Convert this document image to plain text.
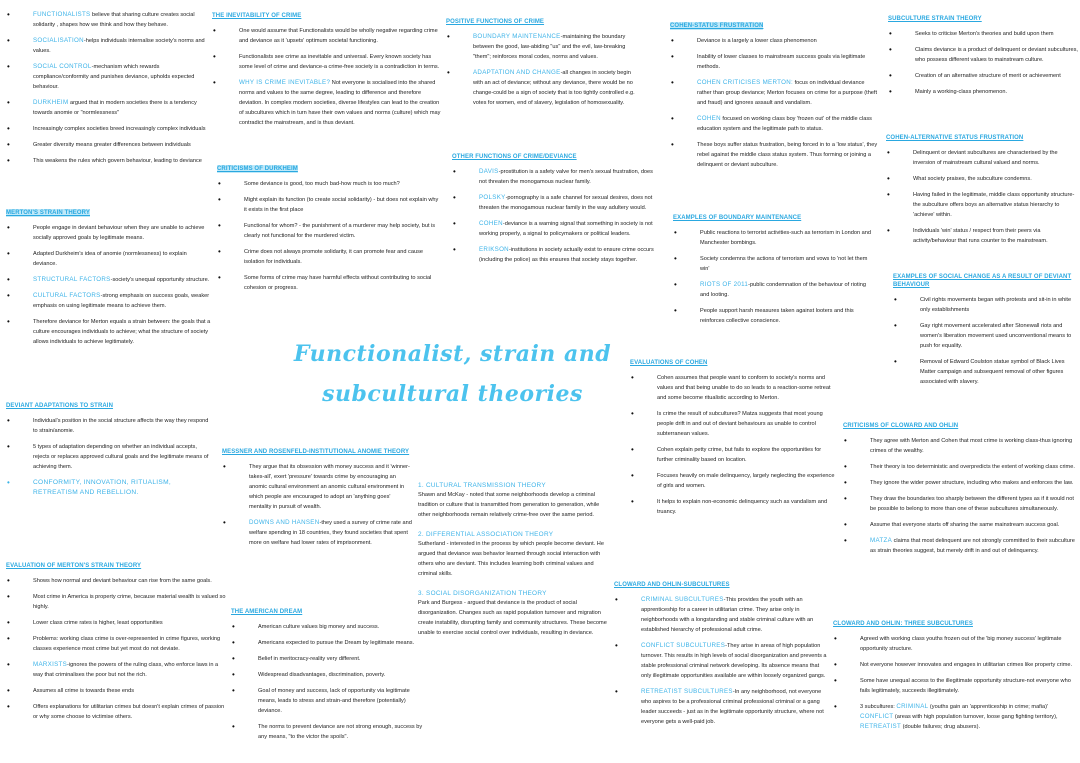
• FUNCTIONALISTS believe that sharing culture creates social solidarity , shapes how we think and how they behave.
• SOCIALISATION-helps individuals internalise society's norms and values.
• SOCIAL CONTROL-mechanism which rewards compliance/conformity and punishes deviance, upholds expected behaviour.
• DURKHEIM argued that in modern societies there is a tendency towards anomie or "normlessness"
• Increasingly complex societies breed increasingly complex individuals
• Greater diversity means greater differences between individuals
• This weakens the rules which govern behaviour, leading to deviance
MERTON'S STRAIN THEORY
• People engage in deviant behaviour when they are unable to achieve socially approved goals by legitimate means.
• Adapted Durkheim's idea of anomie (normlessness) to explain deviance.
• STRUCTURAL FACTORS-society's unequal opportunity structure.
• CULTURAL FACTORS-strong emphasis on success goals, weaker emphasis on using legitimate means to achieve them.
• Therefore deviance for Merton equals a strain between: the goals that a culture encourages individuals to achieve; what the structure of society allows individuals to achieve legitimately.
DEVIANT ADAPTATIONS TO STRAIN
• Individual's position in the social structure affects the way they respond to strain/anomie.
• 5 types of adaptation depending on whether an individual accepts, rejects or replaces approved cultural goals and the legitimate means of achieving them.
• CONFORMITY, INNOVATION, RITUALISM, RETREATISM AND REBELLION.
EVALUATION OF MERTON'S STRAIN THEORY
• Shows how normal and deviant behaviour can rise from the same goals.
• Most crime in America is property crime, because material wealth is valued so highly.
• Lower class crime rates is higher, least opportunities
• Problems: working class crime is over-represented in crime figures, working classes experience most crime but yet most do not deviate.
• MARXISTS-ignores the powers of the ruling class, who enforce laws in a way that criminalises the poor but not the rich.
• Assumes all crime is towards these ends
• Offers explanations for utilitarian crimes but doesn't explain crimes of passion or why some choose to victimise others.
THE INEVITABILITY OF CRIME
• One would assume that Functionalists would be wholly negative regarding crime and deviance as it 'upsets' optimum societal functioning.
• Functionalists see crime as inevitable and universal. Every known society has some level of crime and deviance-a crime-free society is a contradiction in terms.
• WHY IS CRIME INEVITABLE? Not everyone is socialised into the shared norms and values to the same degree, leading to difference and therefore deviation. In complex modern societies, diverse lifestyles can lead to the creation of subcultures which in turn have their own values and norms (culture) which may contradict the mainstream, and is thus deviant.
CRITICISMS OF DURKHEIM
• Some deviance is good, too much bad-how much is too much?
• Might explain its function (to create social solidarity) - but does not explain why it exists in the first place
• Functional for whom? - the punishment of a murderer may help society, but is clearly not functional for the murdered victim.
• Crime does not always promote solidarity, it can promote fear and cause isolation for individuals.
• Some forms of crime may have harmful effects without contributing to social cohesion or progress.
MESSNER AND ROSENFELD-INSTITUTIONAL ANOMIE THEORY
• They argue that its obsession with money success and it 'winner-takes-all', exert 'pressure' towards crime by encouraging an anomic cultural environment an anomic cultural environment in which people are encouraged to adopt an 'anything goes' mentality in pursuit of wealth.
• DOWNS AND HANSEN-they used a survey of crime rate and welfare spending in 18 countries, they found societies that spent more on welfare had lower rates of imprisonment.
THE AMERICAN DREAM
• American culture values big money and success.
• Americans expected to pursue the Dream by legitimate means.
• Belief in meritocracy-reality very different.
• Widespread disadvantages, discrimination, poverty.
• Goal of money and success, lack of opportunity via legitimate means, leads to stress and strain-and therefore (potentially) deviance.
• The norms to prevent deviance are not strong enough, success by any means, "to the victor the spoils".
POSITIVE FUNCTIONS OF CRIME
• BOUNDARY MAINTENANCE-maintaining the boundary between the good, law-abiding "us" and the evil, law-breaking "them"; reinforces moral codes, norms and values.
• ADAPTATION AND CHANGE-all changes in society begin with an act of deviance; without any deviance, there would be no change-could be a sign of society that is too tightly controlled e.g. votes for women, end of slavery, legislation of homosexuality.
OTHER FUNCTIONS OF CRIME/DEVIANCE
• DAVIS-prostitution is a safety valve for men's sexual frustration, does not threaten the monogamous nuclear family.
• POLSKY-pornography is a safe channel for sexual desires, does not threaten the monogamous nuclear family in the way adultery would.
• COHEN-deviance is a warning signal that something in society is not working properly, a signal to policymakers or political leaders.
• ERIKSON-institutions in society actually exist to ensure crime occurs (including the police) as this ensures that society stays together.
Functionalist, strain and subcultural theories
1. CULTURAL TRANSMISSION THEORY
Shawn and McKay - noted that some neighborhoods develop a criminal tradition or culture that is transmitted from generation to generation, while other neighborhoods remain relatively crime-free over the same period.
2. DIFFERENTIAL ASSOCIATION THEORY
Sutherland - interested in the process by which people become deviant. He argued that deviance was behavior learned through social interaction with others who are deviant. This includes learning both criminal values and criminal skills.
3. SOCIAL DISORGANIZATION THEORY
Park and Burgess - argued that deviance is the product of social disorganization. Changes such as rapid population turnover and migration create instability, disrupting family and community structures. These become unable to exercise social control over individuals, resulting in deviance.
COHEN-STATUS FRUSTRATION
• Deviance is a largely a lower class phenomenon
• Inability of lower classes to mainstream success goals via legitimate methods.
• COHEN CRITICISES MERTON: focus on individual deviance rather than group deviance; Merton focuses on crime for a purpose (theft and fraud) and ignores assault and vandalism.
• COHEN focused on working class boy 'frozen out' of the middle class education system and the legitimate path to status.
• These boys suffer status frustration, being forced in to a 'low status', they rebel against the middle class status system. Thus forming or joining a delinquent or deviant subculture.
EXAMPLES OF BOUNDARY MAINTENANCE
• Public reactions to terrorist activities-such as terrorism in London and Manchester bombings.
• Society condemns the actions of terrorism and vows to 'not let them win'
• RIOTS OF 2011-public condemnation of the behaviour of rioting and looting.
• People support harsh measures taken against looters and this reinforces collective conscience.
EVALUATIONS OF COHEN
• Cohen assumes that people want to conform to society's norms and values and that being unable to do so leads to a reaction-some retreat and some become ritualistic according to Merton.
• Is crime the result of subcultures? Matza suggests that most young people drift in and out of deviant behaviours as unable to control subterranean values.
• Cohen explain petty crime, but fails to explore the opportunities for further criminality based on location.
• Focuses heavily on male delinquency, largely neglecting the experience of girls and women.
• It helps to explain non-economic delinquency such as vandalism and truancy.
CLOWARD AND OHLIN-SUBCULTURES
• CRIMINAL SUBCULTURES-This provides the youth with an apprenticeship for a career in utilitarian crime. They arise only in neighborhoods with a longstanding and stable criminal culture with an established hierarchy of professional adult crime.
• CONFLICT SUBCULTURES-They arise in areas of high population turnover. This results in high levels of social disorganization and prevents a stable professional criminal network developing. Its absence means that only illegitimate opportunities available are within loosely organized gangs.
• RETREATIST SUBCULTURES-In any neighborhood, not everyone who aspires to be a professional criminal professional criminal or a gang leader succeeds - just as in the legitimate opportunity structure, where not everyone gets a well-paid job.
SUBCULTURE STRAIN THEORY
• Seeks to criticise Merton's theories and build upon them
• Claims deviance is a product of delinquent or deviant subcultures, who possess different values to mainstream culture.
• Creation of an alternative structure of merit or achievement
• Mainly a working-class phenomenon.
COHEN-ALTERNATIVE STATUS FRUSTRATION
• Delinquent or deviant subcultures are characterised by the inversion of mainstream cultural valued and norms.
• What society praises, the subculture condemns.
• Having failed in the legitimate, middle class opportunity structure-the subculture offers boys an alternative status hierarchy to 'achieve' within.
• Individuals 'win' status / respect from their peers via activity/behaviour that runs counter to the mainstream.
EXAMPLES OF SOCIAL CHANGE AS A RESULT OF DEVIANT BEHAVIOUR
• Civil rights movements began with protests and sit-in in white only establishments
• Gay right movement accelerated after Stonewall riots and women's liberation movement used unconventional means to push for equality.
• Removal of Edward Coulston statue symbol of Black Lives Matter campaign and subsequent removal of other figures associated with slavery.
CRITICISMS OF CLOWARD AND OHLIN
• They agree with Merton and Cohen that most crime is working class-thus ignoring crimes of the wealthy.
• Their theory is too deterministic and overpredicts the extent of working class crime.
• They ignore the wider power structure, including who makes and enforces the law.
• They draw the boundaries too sharply between the different types as if it would not be possible to belong to more than one of these subcultures simultaneously.
• Assume that everyone starts off sharing the same mainstream success goal.
• MATZA claims that most delinquent are not strongly committed to their subculture as strain theories suggest, but merely drift in and out of delinquency.
CLOWARD AND OHLIN: THREE SUBCULTURES
• Agreed with working class youths frozen out of the 'big money success' legitimate opportunity structure.
• Not everyone however innovates and engages in utilitarian crimes like property crime.
• Some have unequal access to the illegitimate opportunity structure-not everyone who fails legitimately, succeeds illegitimately.
• 3 subcultures: CRIMINAL (youths gain an 'apprenticeship in crime; mafia)' CONFLICT (areas with high population turnover, loose gang fighting territory), RETREATIST (double failures; drug abusers).
